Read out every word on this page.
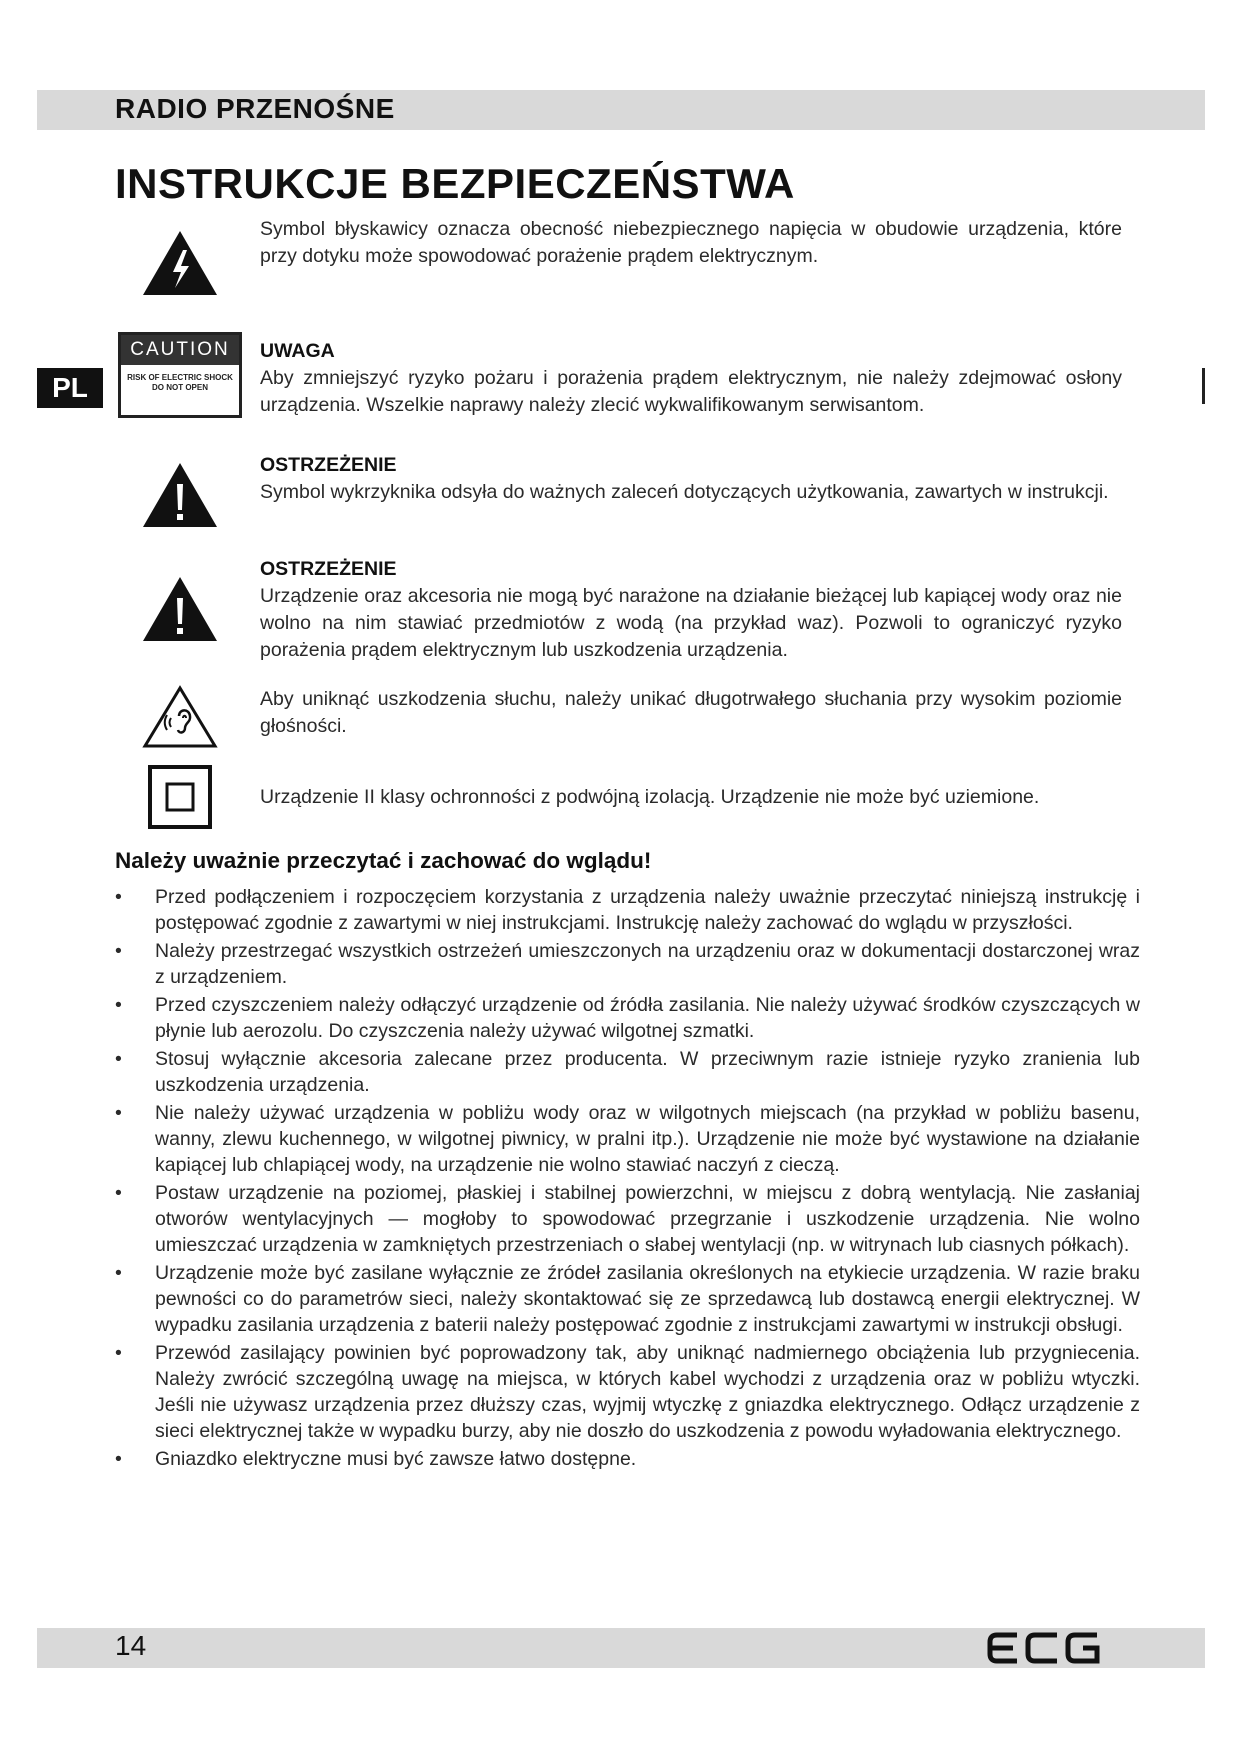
RADIO PRZENOŚNE
INSTRUKCJE BEZPIECZEŃSTWA
PL
Symbol błyskawicy oznacza obecność niebezpiecznego napięcia w obudowie urządzenia, które przy dotyku może spowodować porażenie prądem elektrycznym.
CAUTION
RISK OF ELECTRIC SHOCK
DO NOT OPEN
UWAGA
Aby zmniejszyć ryzyko pożaru i porażenia prądem elektrycznym, nie należy zdejmować osłony urządzenia. Wszelkie naprawy należy zlecić wykwalifikowanym serwisantom.
OSTRZEŻENIE
Symbol wykrzyknika odsyła do ważnych zaleceń dotyczących użytkowania, zawartych w instrukcji.
OSTRZEŻENIE
Urządzenie oraz akcesoria nie mogą być narażone na działanie bieżącej lub kapiącej wody oraz nie wolno na nim stawiać przedmiotów z wodą (na przykład waz). Pozwoli to ograniczyć ryzyko porażenia prądem elektrycznym lub uszkodzenia urządzenia.
Aby uniknąć uszkodzenia słuchu, należy unikać długotrwałego słuchania przy wysokim poziomie głośności.
Urządzenie II klasy ochronności z podwójną izolacją. Urządzenie nie może być uziemione.
Należy uważnie przeczytać i zachować do wglądu!
• Przed podłączeniem i rozpoczęciem korzystania z urządzenia należy uważnie przeczytać niniejszą instrukcję i postępować zgodnie z zawartymi w niej instrukcjami. Instrukcję należy zachować do wglądu w przyszłości.
• Należy przestrzegać wszystkich ostrzeżeń umieszczonych na urządzeniu oraz w dokumentacji dostarczonej wraz z urządzeniem.
• Przed czyszczeniem należy odłączyć urządzenie od źródła zasilania. Nie należy używać środków czyszczących w płynie lub aerozolu. Do czyszczenia należy używać wilgotnej szmatki.
• Stosuj wyłącznie akcesoria zalecane przez producenta. W przeciwnym razie istnieje ryzyko zranienia lub uszkodzenia urządzenia.
• Nie należy używać urządzenia w pobliżu wody oraz w wilgotnych miejscach (na przykład w pobliżu basenu, wanny, zlewu kuchennego, w wilgotnej piwnicy, w pralni itp.). Urządzenie nie może być wystawione na działanie kapiącej lub chlapiącej wody, na urządzenie nie wolno stawiać naczyń z cieczą.
• Postaw urządzenie na poziomej, płaskiej i stabilnej powierzchni, w miejscu z dobrą wentylacją. Nie zasłaniaj otworów wentylacyjnych — mogłoby to spowodować przegrzanie i uszkodzenie urządzenia. Nie wolno umieszczać urządzenia w zamkniętych przestrzeniach o słabej wentylacji (np. w witrynach lub ciasnych półkach).
• Urządzenie może być zasilane wyłącznie ze źródeł zasilania określonych na etykiecie urządzenia. W razie braku pewności co do parametrów sieci, należy skontaktować się ze sprzedawcą lub dostawcą energii elektrycznej. W wypadku zasilania urządzenia z baterii należy postępować zgodnie z instrukcjami zawartymi w instrukcji obsługi.
• Przewód zasilający powinien być poprowadzony tak, aby uniknąć nadmiernego obciążenia lub przygniecenia. Należy zwrócić szczególną uwagę na miejsca, w których kabel wychodzi z urządzenia oraz w pobliżu wtyczki. Jeśli nie używasz urządzenia przez dłuższy czas, wyjmij wtyczkę z gniazdka elektrycznego. Odłącz urządzenie z sieci elektrycznej także w wypadku burzy, aby nie doszło do uszkodzenia z powodu wyładowania elektrycznego.
• Gniazdko elektryczne musi być zawsze łatwo dostępne.
14
